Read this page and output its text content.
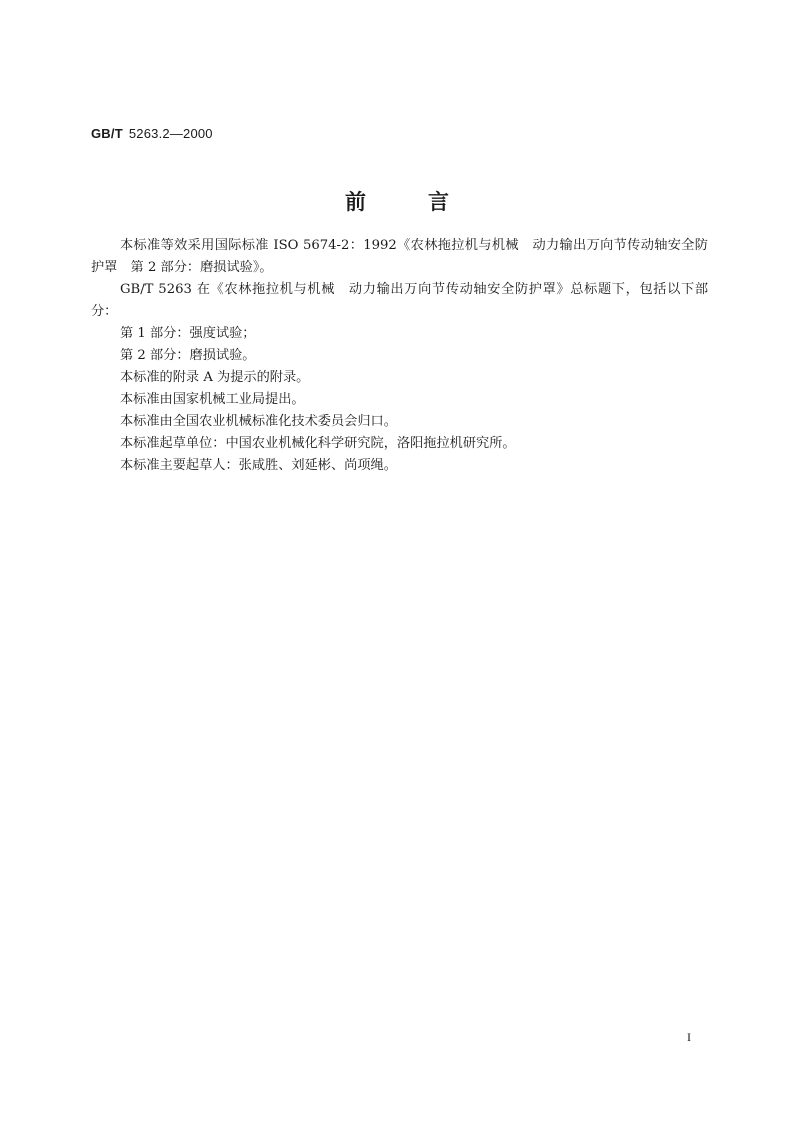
GB/T 5263.2—2000
前言

本标准等效采用国际标准 ISO 5674-2：1992《农林拖拉机与机械　动力输出万向节传动轴安全防护罩　第 2 部分：磨损试验》。

GB/T 5263 在《农林拖拉机与机械　动力输出万向节传动轴安全防护罩》总标题下，包括以下部分：

第 1 部分：强度试验；

第 2 部分：磨损试验。

本标准的附录 A 为提示的附录。

本标准由国家机械工业局提出。

本标准由全国农业机械标准化技术委员会归口。

本标准起草单位：中国农业机械化科学研究院，洛阳拖拉机研究所。

本标准主要起草人：张咸胜、刘延彬、尚项绳。

I
